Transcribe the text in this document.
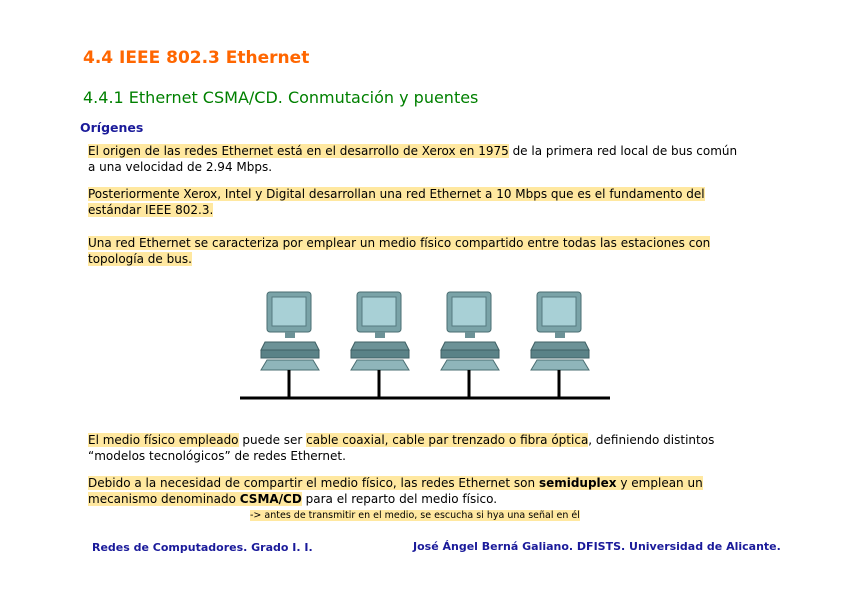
4.4 IEEE 802.3 Ethernet
4.4.1 Ethernet CSMA/CD. Conmutación y puentes
Orígenes
El origen de las redes Ethernet está en el desarrollo de Xerox en 1975 de la primera red local de bus común
a una velocidad de 2.94 Mbps.
Posteriormente Xerox, Intel y Digital desarrollan una red Ethernet a 10 Mbps que es el fundamento del
estándar IEEE 802.3.
Una red Ethernet se caracteriza por emplear un medio físico compartido entre todas las estaciones con
topología de bus.
El medio físico empleado puede ser cable coaxial, cable par trenzado o fibra óptica, definiendo distintos
“modelos tecnológicos” de redes Ethernet.
Debido a la necesidad de compartir el medio físico, las redes Ethernet son semiduplex y emplean un
mecanismo denominado CSMA/CD para el reparto del medio físico.
-> antes de transmitir en el medio, se escucha si hya una señal en él
Redes de Computadores. Grado I. I.	José Ángel Berná Galiano. DFISTS. Universidad de Alicante.
